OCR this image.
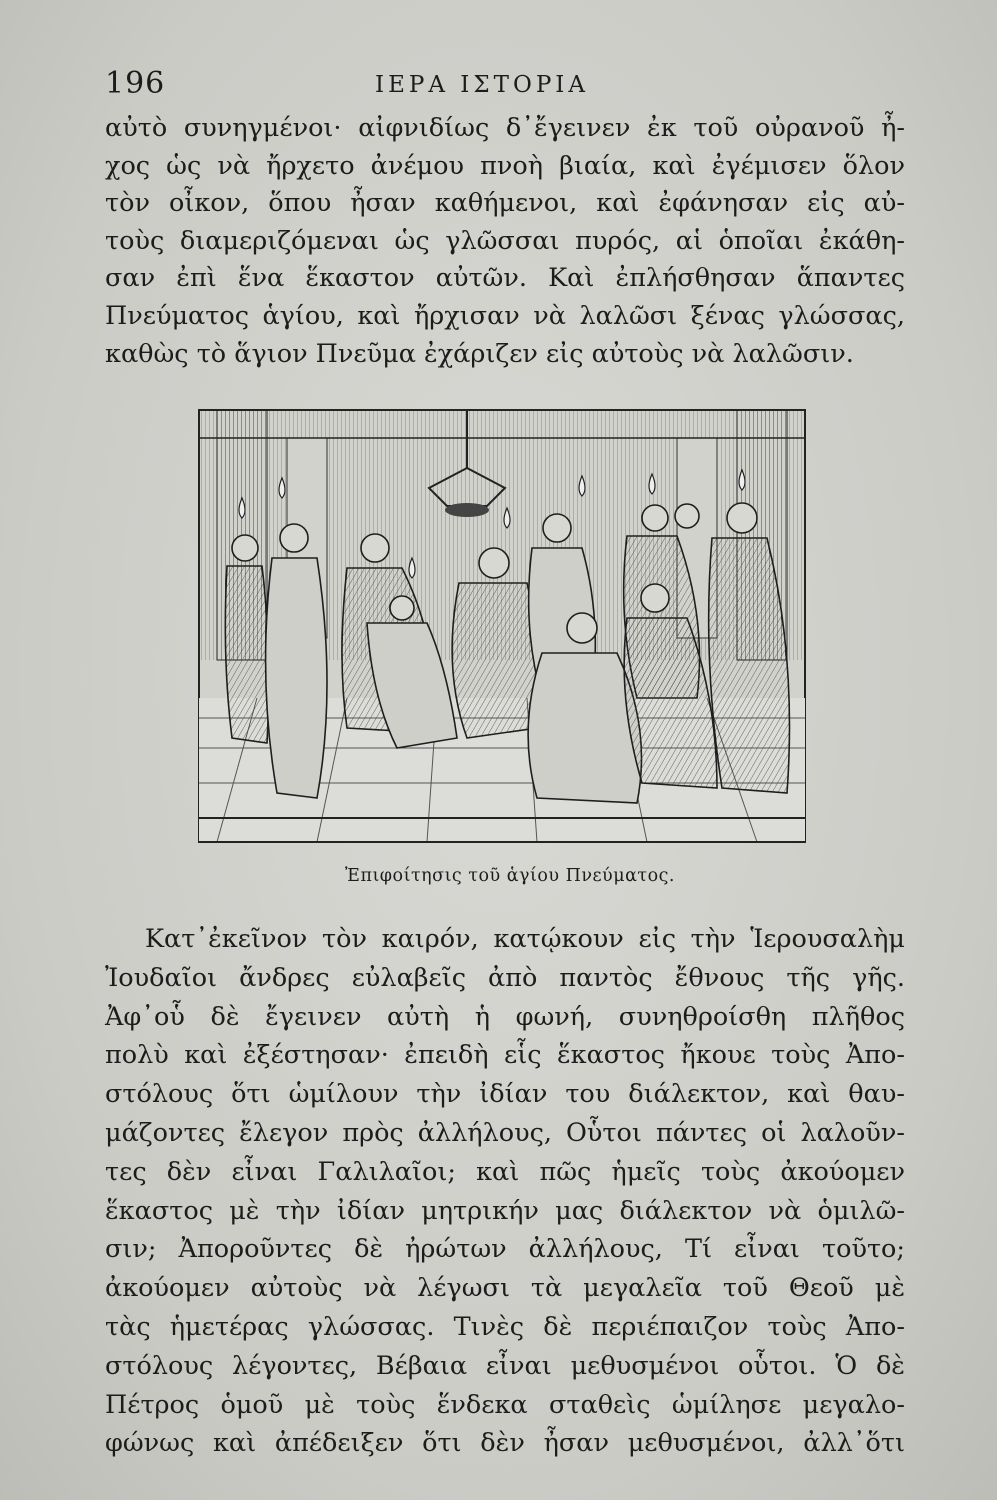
196	ΙΕΡΑ ΙΣΤΟΡΙΑ
αὐτὸ συνηγμένοι· αἰφνιδίως δ᾽ἔγεινεν ἐκ τοῦ οὐρανοῦ ἦ-
χος ὡς νὰ ἤρχετο ἀνέμου πνοὴ βιαία, καὶ ἐγέμισεν ὅλον
τὸν οἶκον, ὅπου ἦσαν καθήμενοι, καὶ ἐφάνησαν εἰς αὐ-
τοὺς διαμεριζόμεναι ὡς γλῶσσαι πυρός, αἱ ὁποῖαι ἐκάθη-
σαν ἐπὶ ἕνα ἕκαστον αὐτῶν. Καὶ ἐπλήσθησαν ἅπαντες
Πνεύματος ἁγίου, καὶ ἤρχισαν νὰ λαλῶσι ξένας γλώσσας,
καθὼς τὸ ἅγιον Πνεῦμα ἐχάριζεν εἰς αὐτοὺς νὰ λαλῶσιν.
Ἐπιφοίτησις τοῦ ἁγίου Πνεύματος.
Κατ᾽ἐκεῖνον τὸν καιρόν, κατῴκουν εἰς τὴν Ἱερουσαλὴμ
Ἰουδαῖοι ἄνδρες εὐλαβεῖς ἀπὸ παντὸς ἔθνους τῆς γῆς.
Ἀφ᾽οὗ δὲ ἔγεινεν αὐτὴ ἡ φωνή, συνηθροίσθη πλῆθος
πολὺ καὶ ἐξέστησαν· ἐπειδὴ εἷς ἕκαστος ἤκουε τοὺς Ἀπο-
στόλους ὅτι ὡμίλουν τὴν ἰδίαν του διάλεκτον, καὶ θαυ-
μάζοντες ἔλεγον πρὸς ἀλλήλους, Οὗτοι πάντες οἱ λαλοῦν-
τες δὲν εἶναι Γαλιλαῖοι; καὶ πῶς ἡμεῖς τοὺς ἀκούομεν
ἕκαστος μὲ τὴν ἰδίαν μητρικήν μας διάλεκτον νὰ ὁμιλῶ-
σιν; Ἀποροῦντες δὲ ἠρώτων ἀλλήλους, Τί εἶναι τοῦτο;
ἀκούομεν αὐτοὺς νὰ λέγωσι τὰ μεγαλεῖα τοῦ Θεοῦ μὲ
τὰς ἡμετέρας γλώσσας. Τινὲς δὲ περιέπαιζον τοὺς Ἀπο-
στόλους λέγοντες, Βέβαια εἶναι μεθυσμένοι οὗτοι. Ὁ δὲ
Πέτρος ὁμοῦ μὲ τοὺς ἕνδεκα σταθεὶς ὡμίλησε μεγαλο-
φώνως καὶ ἀπέδειξεν ὅτι δὲν ἦσαν μεθυσμένοι, ἀλλ᾽ὅτι
